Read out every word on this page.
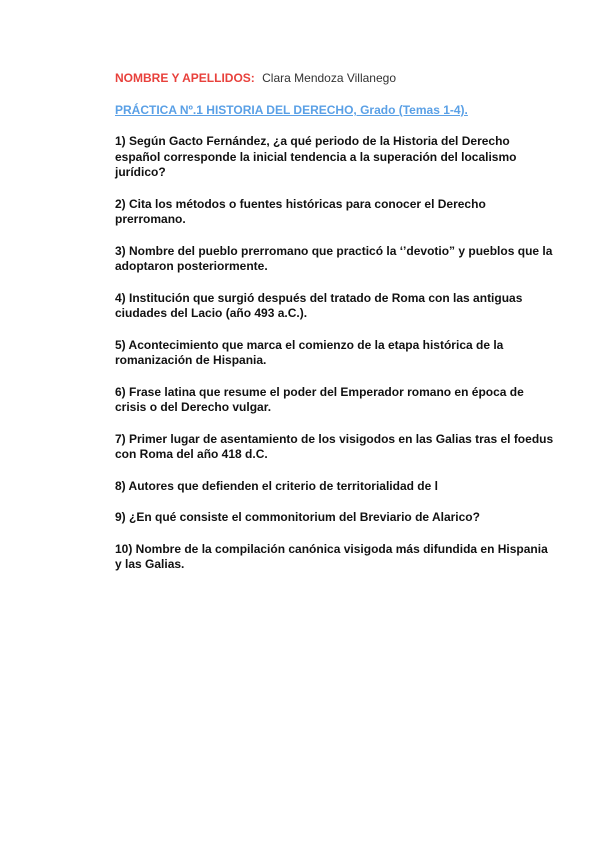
NOMBRE Y APELLIDOS: Clara Mendoza Villanego
PRÁCTICA Nº.1 HISTORIA DEL DERECHO, Grado (Temas 1-4).
1) Según Gacto Fernández, ¿a qué periodo de la Historia del Derecho español corresponde la inicial tendencia a la superación del localismo jurídico?
2) Cita los métodos o fuentes históricas para conocer el Derecho prerromano.
3) Nombre del pueblo prerromano que practicó la ‘’devotio” y pueblos que la adoptaron posteriormente.
4) Institución que surgió después del tratado de Roma con las antiguas ciudades del Lacio (año 493 a.C.).
5) Acontecimiento que marca el comienzo de la etapa histórica de la romanización de Hispania.
6) Frase latina que resume el poder del Emperador romano en época de crisis o del Derecho vulgar.
7) Primer lugar de asentamiento de los visigodos en las Galias tras el foedus con Roma del año 418 d.C.
8) Autores que defienden el criterio de territorialidad de l
9) ¿En qué consiste el commonitorium del Breviario de Alarico?
10) Nombre de la compilación canónica visigoda más difundida en Hispania y las Galias.
